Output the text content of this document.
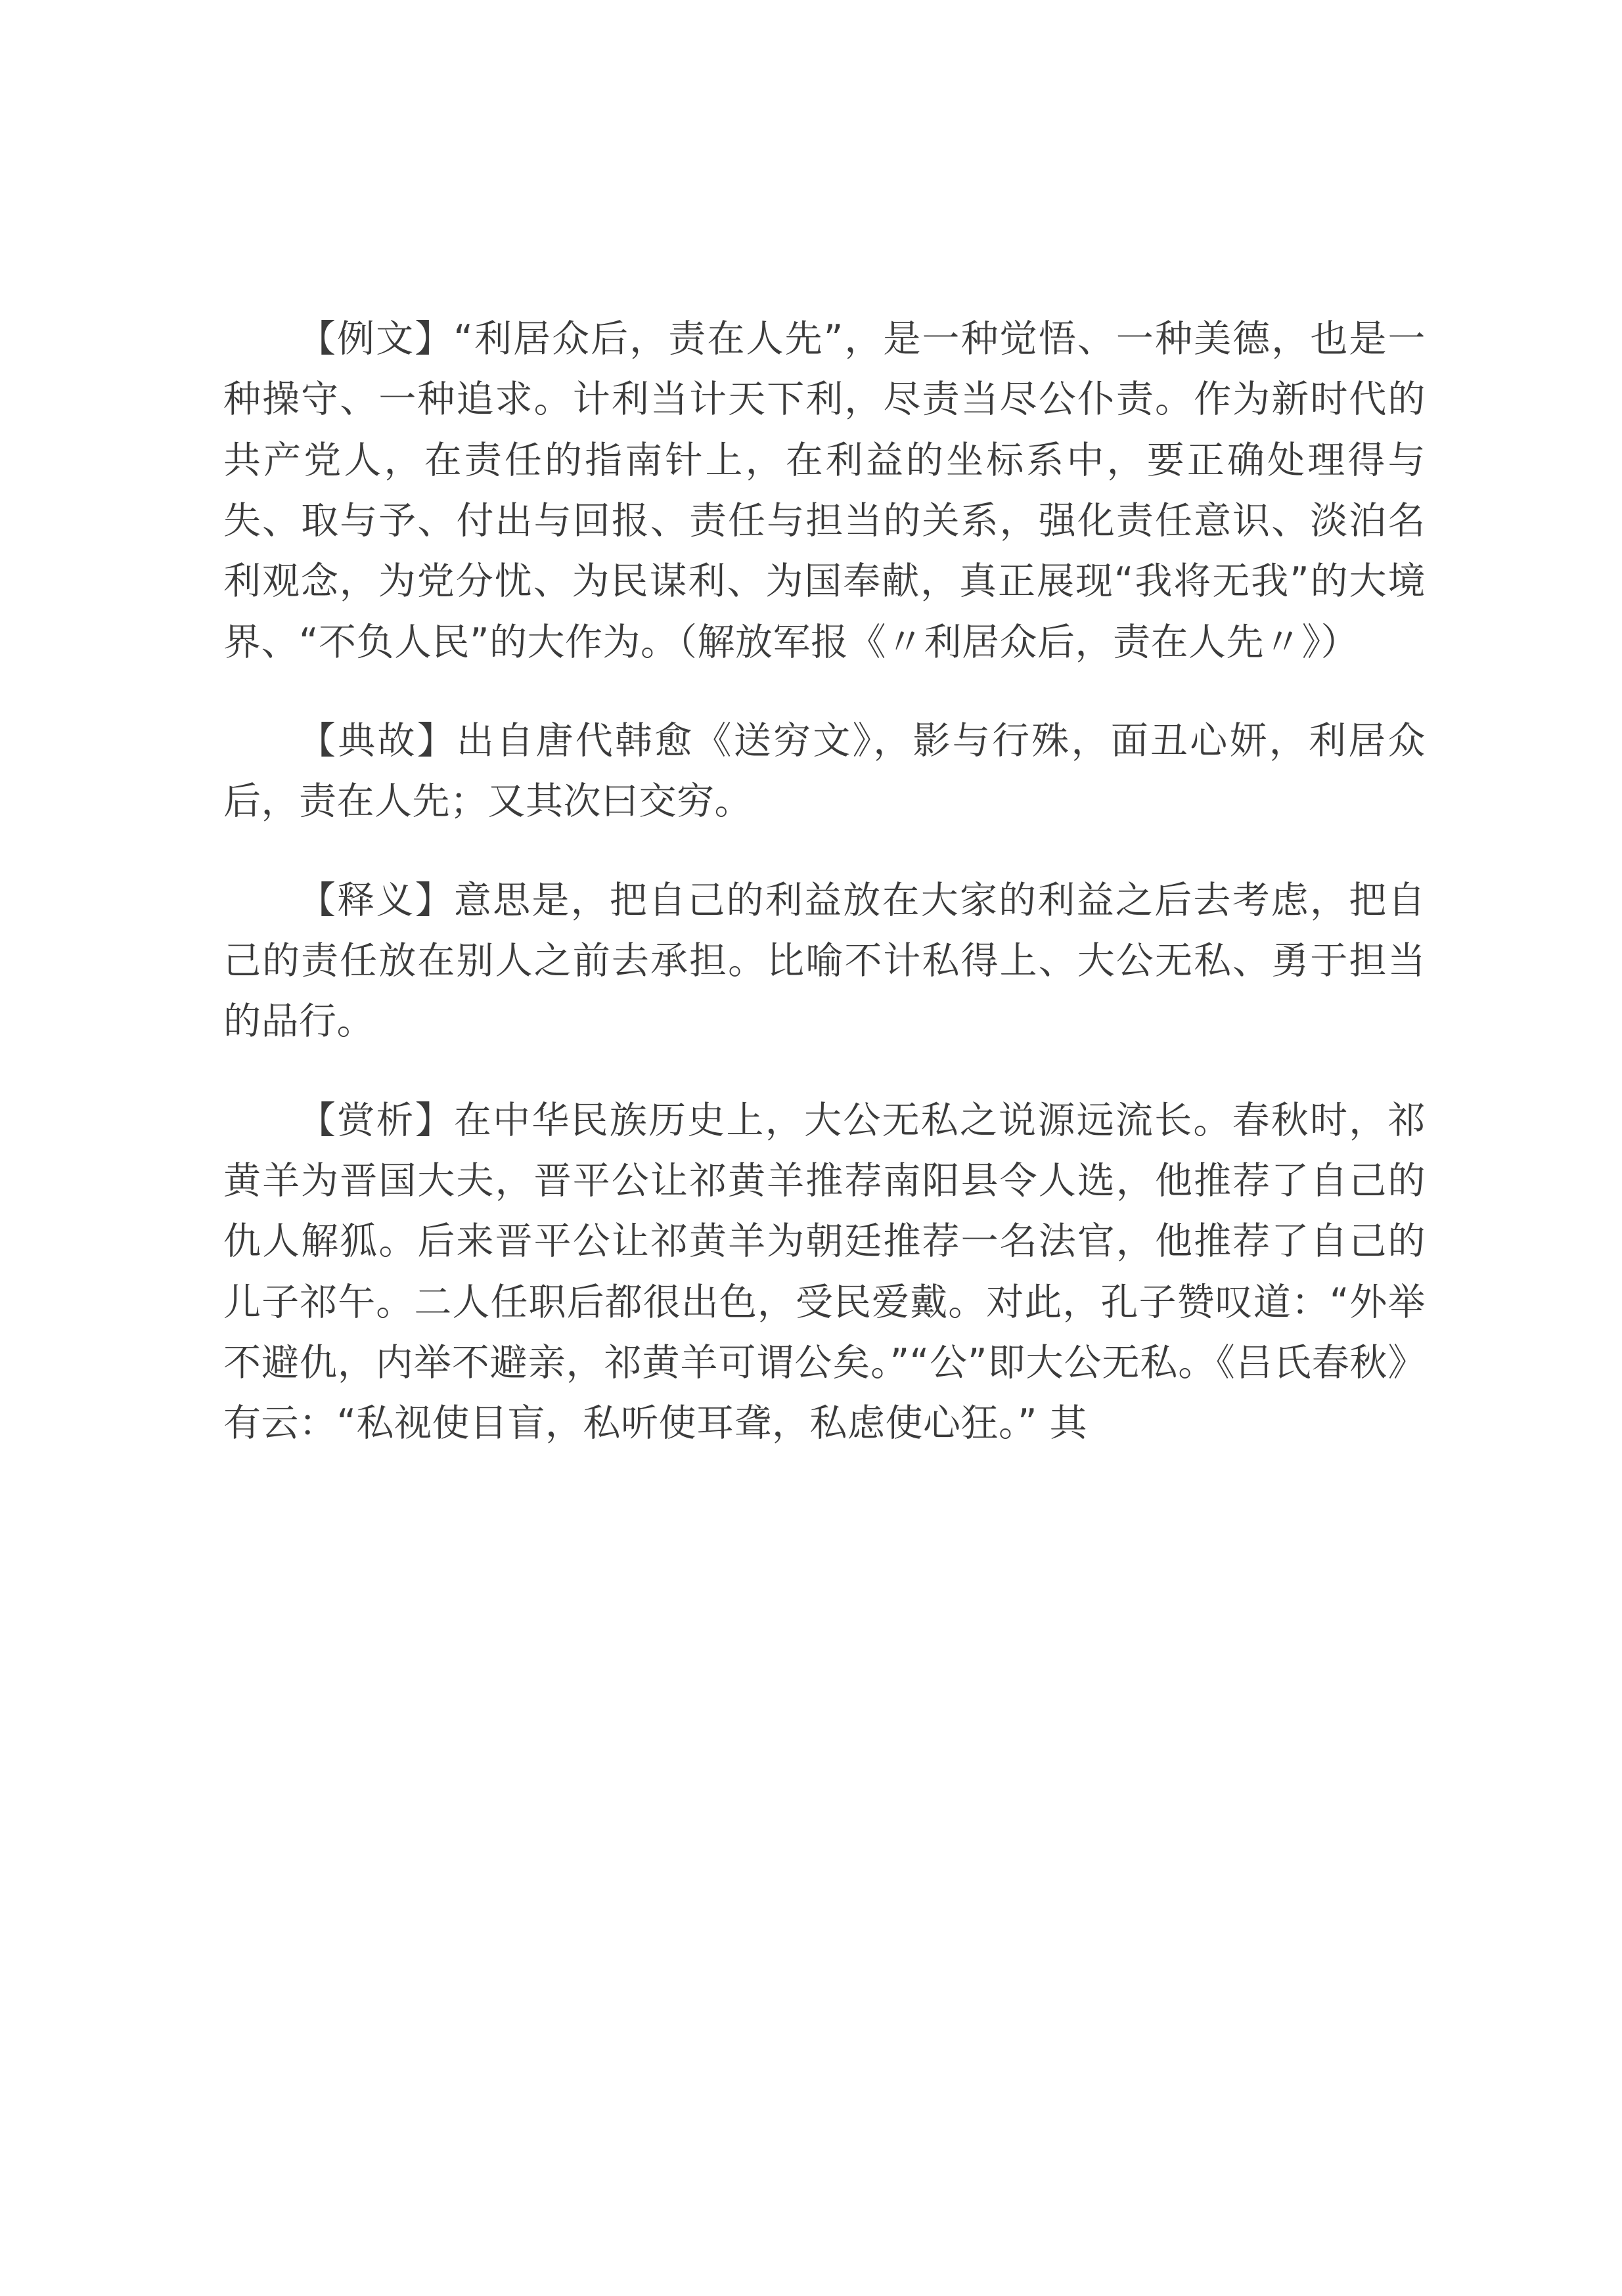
【例文】“利居众后，责在人先”，是一种觉悟、一种美德，也是一种操守、一种追求。计利当计天下利，尽责当尽公仆责。作为新时代的共产党人，在责任的指南针上，在利益的坐标系中，要正确处理得与失、取与予、付出与回报、责任与担当的关系，强化责任意识、淡泊名利观念，为党分忧、为民谋利、为国奉献，真正展现“我将无我”的大境界、“不负人民”的大作为。（解放军报《〃利居众后，责在人先〃》）

【典故】出自唐代韩愈《送穷文》，影与行殊，面丑心妍，利居众后，责在人先；又其次曰交穷。

【释义】意思是，把自己的利益放在大家的利益之后去考虑，把自己的责任放在别人之前去承担。比喻不计私得上、大公无私、勇于担当的品行。

【赏析】在中华民族历史上，大公无私之说源远流长。春秋时，祁黄羊为晋国大夫，晋平公让祁黄羊推荐南阳县令人选，他推荐了自己的仇人解狐。后来晋平公让祁黄羊为朝廷推荐一名法官，他推荐了自己的儿子祁午。二人任职后都很出色，受民爱戴。对此，孔子赞叹道：“外举不避仇，内举不避亲，祁黄羊可谓公矣。”“公”即大公无私。《吕氏春秋》有云：“私视使目盲，私听使耳聋，私虑使心狂。” 其
